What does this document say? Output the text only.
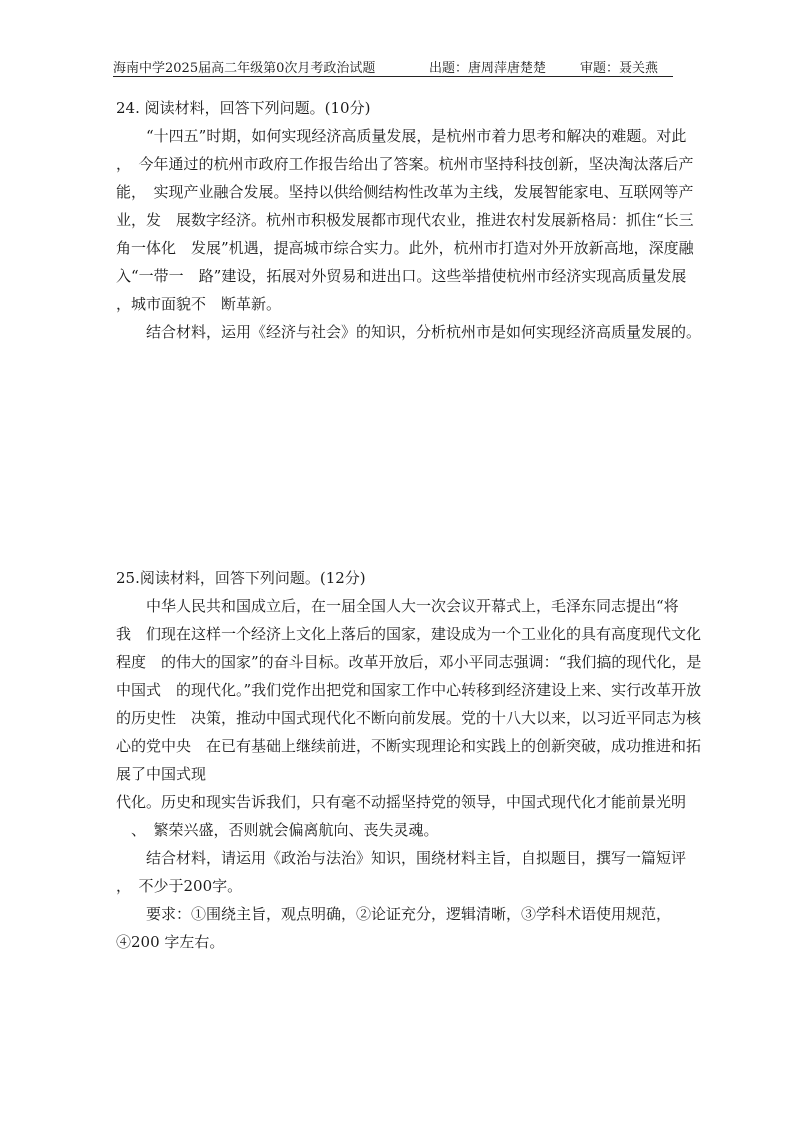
海南中学2025届高二年级第0次月考政治试题	出题：唐周萍唐楚楚	审题：聂关燕
24. 阅读材料，回答下列问题。(10分)
　　“十四五”时期，如何实现经济高质量发展，是杭州市着力思考和解决的难题。对此
，　今年通过的杭州市政府工作报告给出了答案。杭州市坚持科技创新，坚决淘汰落后产
能，　实现产业融合发展。坚持以供给侧结构性改革为主线，发展智能家电、互联网等产
业，发　展数字经济。杭州市积极发展都市现代农业，推进农村发展新格局：抓住“长三
角一体化　发展”机遇，提高城市综合实力。此外，杭州市打造对外开放新高地，深度融
入“一带一　路”建设，拓展对外贸易和进出口。这些举措使杭州市经济实现高质量发展
，城市面貌不　断革新。
　　结合材料，运用《经济与社会》的知识，分析杭州市是如何实现经济高质量发展的。
25.阅读材料，回答下列问题。(12分)
　　中华人民共和国成立后，在一届全国人大一次会议开幕式上，毛泽东同志提出“将
我　们现在这样一个经济上文化上落后的国家，建设成为一个工业化的具有高度现代文化
程度　的伟大的国家”的奋斗目标。改革开放后，邓小平同志强调：“我们搞的现代化，是
中国式　的现代化。”我们党作出把党和国家工作中心转移到经济建设上来、实行改革开放
的历史性　决策，推动中国式现代化不断向前发展。党的十八大以来，以习近平同志为核
心的党中央　在已有基础上继续前进，不断实现理论和实践上的创新突破，成功推进和拓
展了中国式现
代化。历史和现实告诉我们，只有毫不动摇坚持党的领导，中国式现代化才能前景光明
　、　繁荣兴盛，否则就会偏离航向、丧失灵魂。
　　结合材料，请运用《政治与法治》知识，围绕材料主旨，自拟题目，撰写一篇短评
，　不少于200字。
　　要求：①围绕主旨，观点明确，②论证充分，逻辑清晰，③学科术语使用规范，
④200 字左右。
